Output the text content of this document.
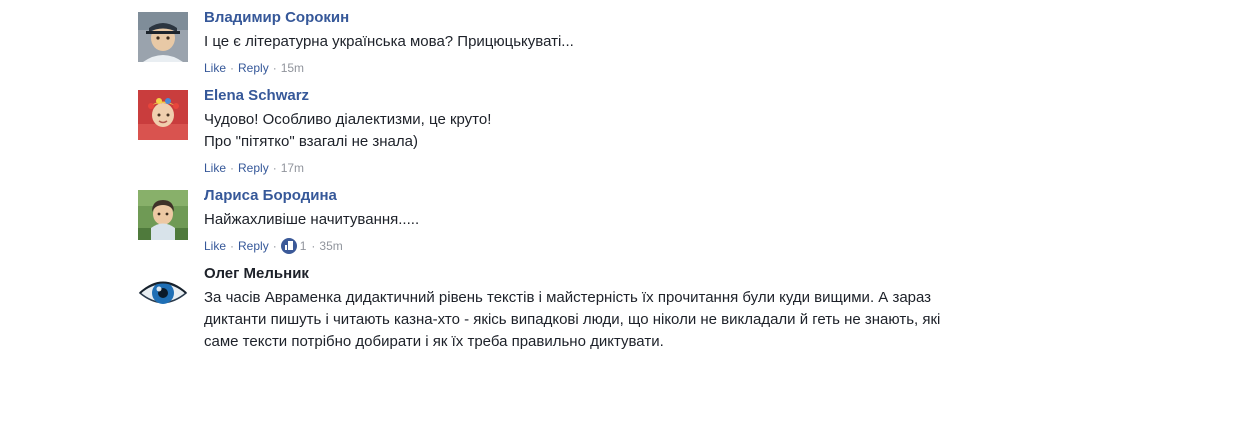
Владимир Сорокин
І це є літературна українська мова? Прицюцькуваті...
Like · Reply · 15m
Elena Schwarz
Чудово! Особливо діалектизми, це круто!
Про "пітятко" взагалі не знала)
Like · Reply · 17m
Лариса Бородина
Найжахливіше начитування.....
Like · Reply · 1 · 35m
Олег Мельник
За часів Авраменка дидактичний рівень текстів і майстерність їх прочитання були куди вищими. А зараз
диктанти пишуть і читають казна-хто - якісь випадкові люди, що ніколи не викладали й геть не знають, які
саме тексти потрібно добирати і як їх треба правильно диктувати.
